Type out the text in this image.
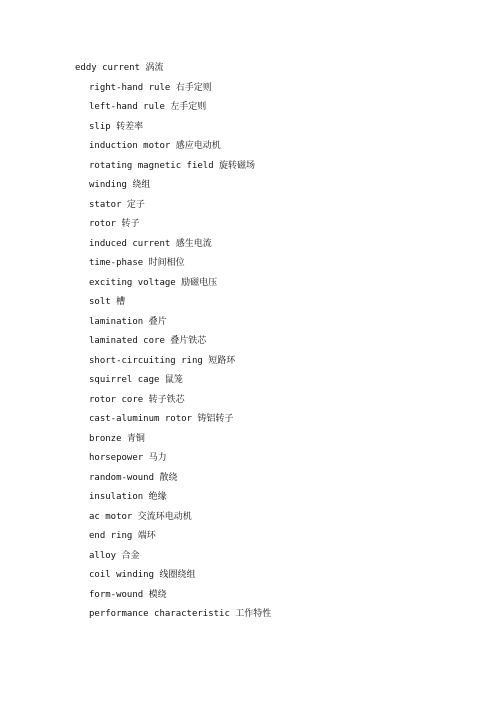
eddy current 涡流
right-hand rule 右手定则
left-hand rule 左手定则
slip 转差率
induction motor 感应电动机
rotating magnetic field 旋转磁场
winding 绕组
stator 定子
rotor 转子
induced current 感生电流
time-phase 时间相位
exciting voltage 励磁电压
solt 槽
lamination 叠片
laminated core 叠片铁芯
short-circuiting ring 短路环
squirrel cage 鼠笼
rotor core 转子铁芯
cast-aluminum rotor 铸铝转子
bronze 青铜
horsepower 马力
random-wound 散绕
insulation 绝缘
ac motor 交流环电动机
end ring 端环
alloy 合金
coil winding 线圈绕组
form-wound 模绕
performance characteristic 工作特性
